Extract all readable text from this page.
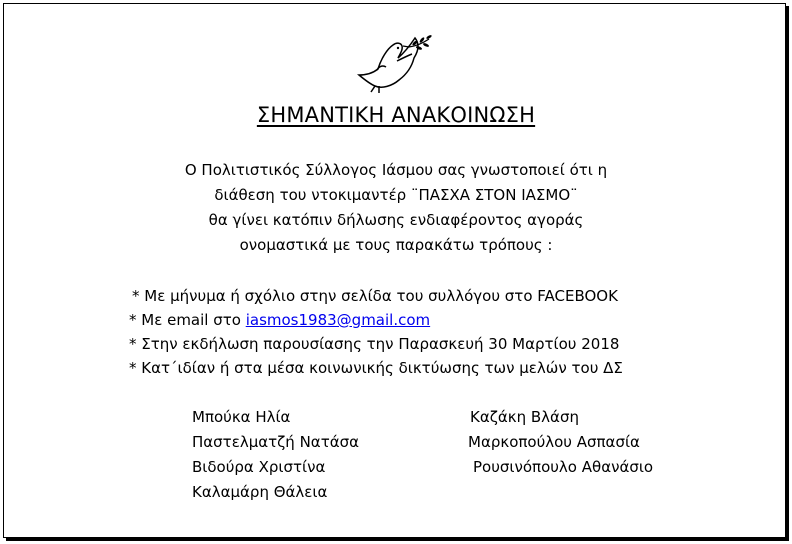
ΣΗΜΑΝΤΙΚΗ ΑΝΑΚΟΙΝΩΣΗ
Ο Πολιτιστικός Σύλλογος Ιάσμου σας γνωστοποιεί ότι η
διάθεση του ντοκιμαντέρ ¨ΠΑΣΧΑ ΣΤΟΝ ΙΑΣΜΟ¨
θα γίνει κατόπιν δήλωσης ενδιαφέροντος αγοράς
ονομαστικά με τους παρακάτω τρόπους :
* Με μήνυμα ή σχόλιο στην σελίδα του συλλόγου στο FACEBOOK
* Με email στο iasmos1983@gmail.com
* Στην εκδήλωση παρουσίασης την Παρασκευή 30 Μαρτίου 2018
* Κατ΄ιδίαν ή στα μέσα κοινωνικής δικτύωσης των μελών του ΔΣ
Μπούκα Ηλία
Παστελματζή Νατάσα
Βιδούρα Χριστίνα
Καλαμάρη Θάλεια
Καζάκη Βλάση
Μαρκοπούλου Ασπασία
Ρουσινόπουλο Αθανάσιο
